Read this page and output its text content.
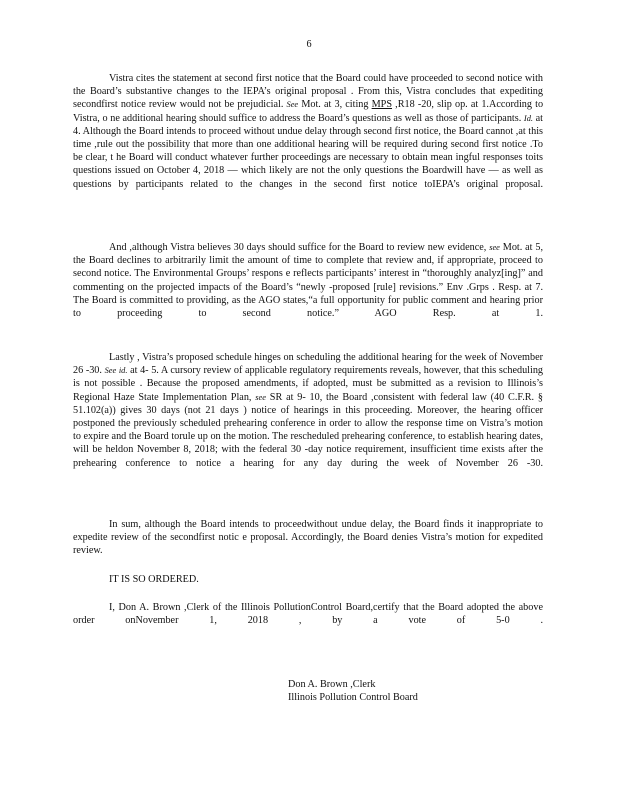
6

Vistra cites the statement at second first notice that the Board could have proceeded to second notice with the Board’s substantive changes to the IEPA’s original proposal . From this, Vistra concludes that expediting secondfirst notice review would not be prejudicial. See Mot. at 3, citing MPS ,R18 -20, slip op. at 1.According to Vistra, o ne additional hearing should suffice to address the Board’s questions as well as those of participants. Id. at 4. Although the Board intends to proceed without undue delay through second first notice, the Board cannot ,at this time ,rule out the possibility that more than one additional hearing will be required during second first notice .To be clear, t he Board will conduct whatever further proceedings are necessary to obtain mean ingful responses toits questions issued on October 4, 2018 — which likely are not the only questions the Boardwill have — as well as questions by participants related to the changes in the second first notice toIEPA’s original proposal.

And ,although Vistra believes 30 days should suffice for the Board to review new evidence, see Mot. at 5, the Board declines to arbitrarily limit the amount of time to complete that review and, if appropriate, proceed to second notice. The Environmental Groups’ respons e reflects participants’ interest in “thoroughly analyz[ing]” and commenting on the projected impacts of the Board’s “newly -proposed [rule] revisions.” Env .Grps . Resp. at 7. The Board is committed to providing, as the AGO states,“a full opportunity for public comment and hearing prior to proceeding to second notice.” AGO Resp. at 1.

Lastly , Vistra’s proposed schedule hinges on scheduling the additional hearing for the week of November 26 -30. See id. at 4- 5. A cursory review of applicable regulatory requirements reveals, however, that this scheduling is not possible . Because the proposed amendments, if adopted, must be submitted as a revision to Illinois’s Regional Haze State Implementation Plan, see SR at 9- 10, the Board ,consistent with federal law (40 C.F.R. § 51.102(a)) gives 30 days (not 21 days ) notice of hearings in this proceeding. Moreover, the hearing officer postponed the previously scheduled prehearing conference in order to allow the response time on Vistra’s motion to expire and the Board torule up on the motion. The rescheduled prehearing conference, to establish hearing dates, will be heldon November 8, 2018; with the federal 30 -day notice requirement, insufficient time exists after the prehearing conference to notice a hearing for any day during the week of November 26 -30.

In sum, although the Board intends to proceedwithout undue delay, the Board finds it inappropriate to expedite review of the secondfirst notic e proposal. Accordingly, the Board denies Vistra’s motion for expedited review.

IT IS SO ORDERED.

I, Don A. Brown ,Clerk of the Illinois PollutionControl Board,certify that the Board adopted the above order onNovember 1, 2018 , by a vote of 5-0 .

Don A. Brown ,Clerk
Illinois Pollution Control Board
